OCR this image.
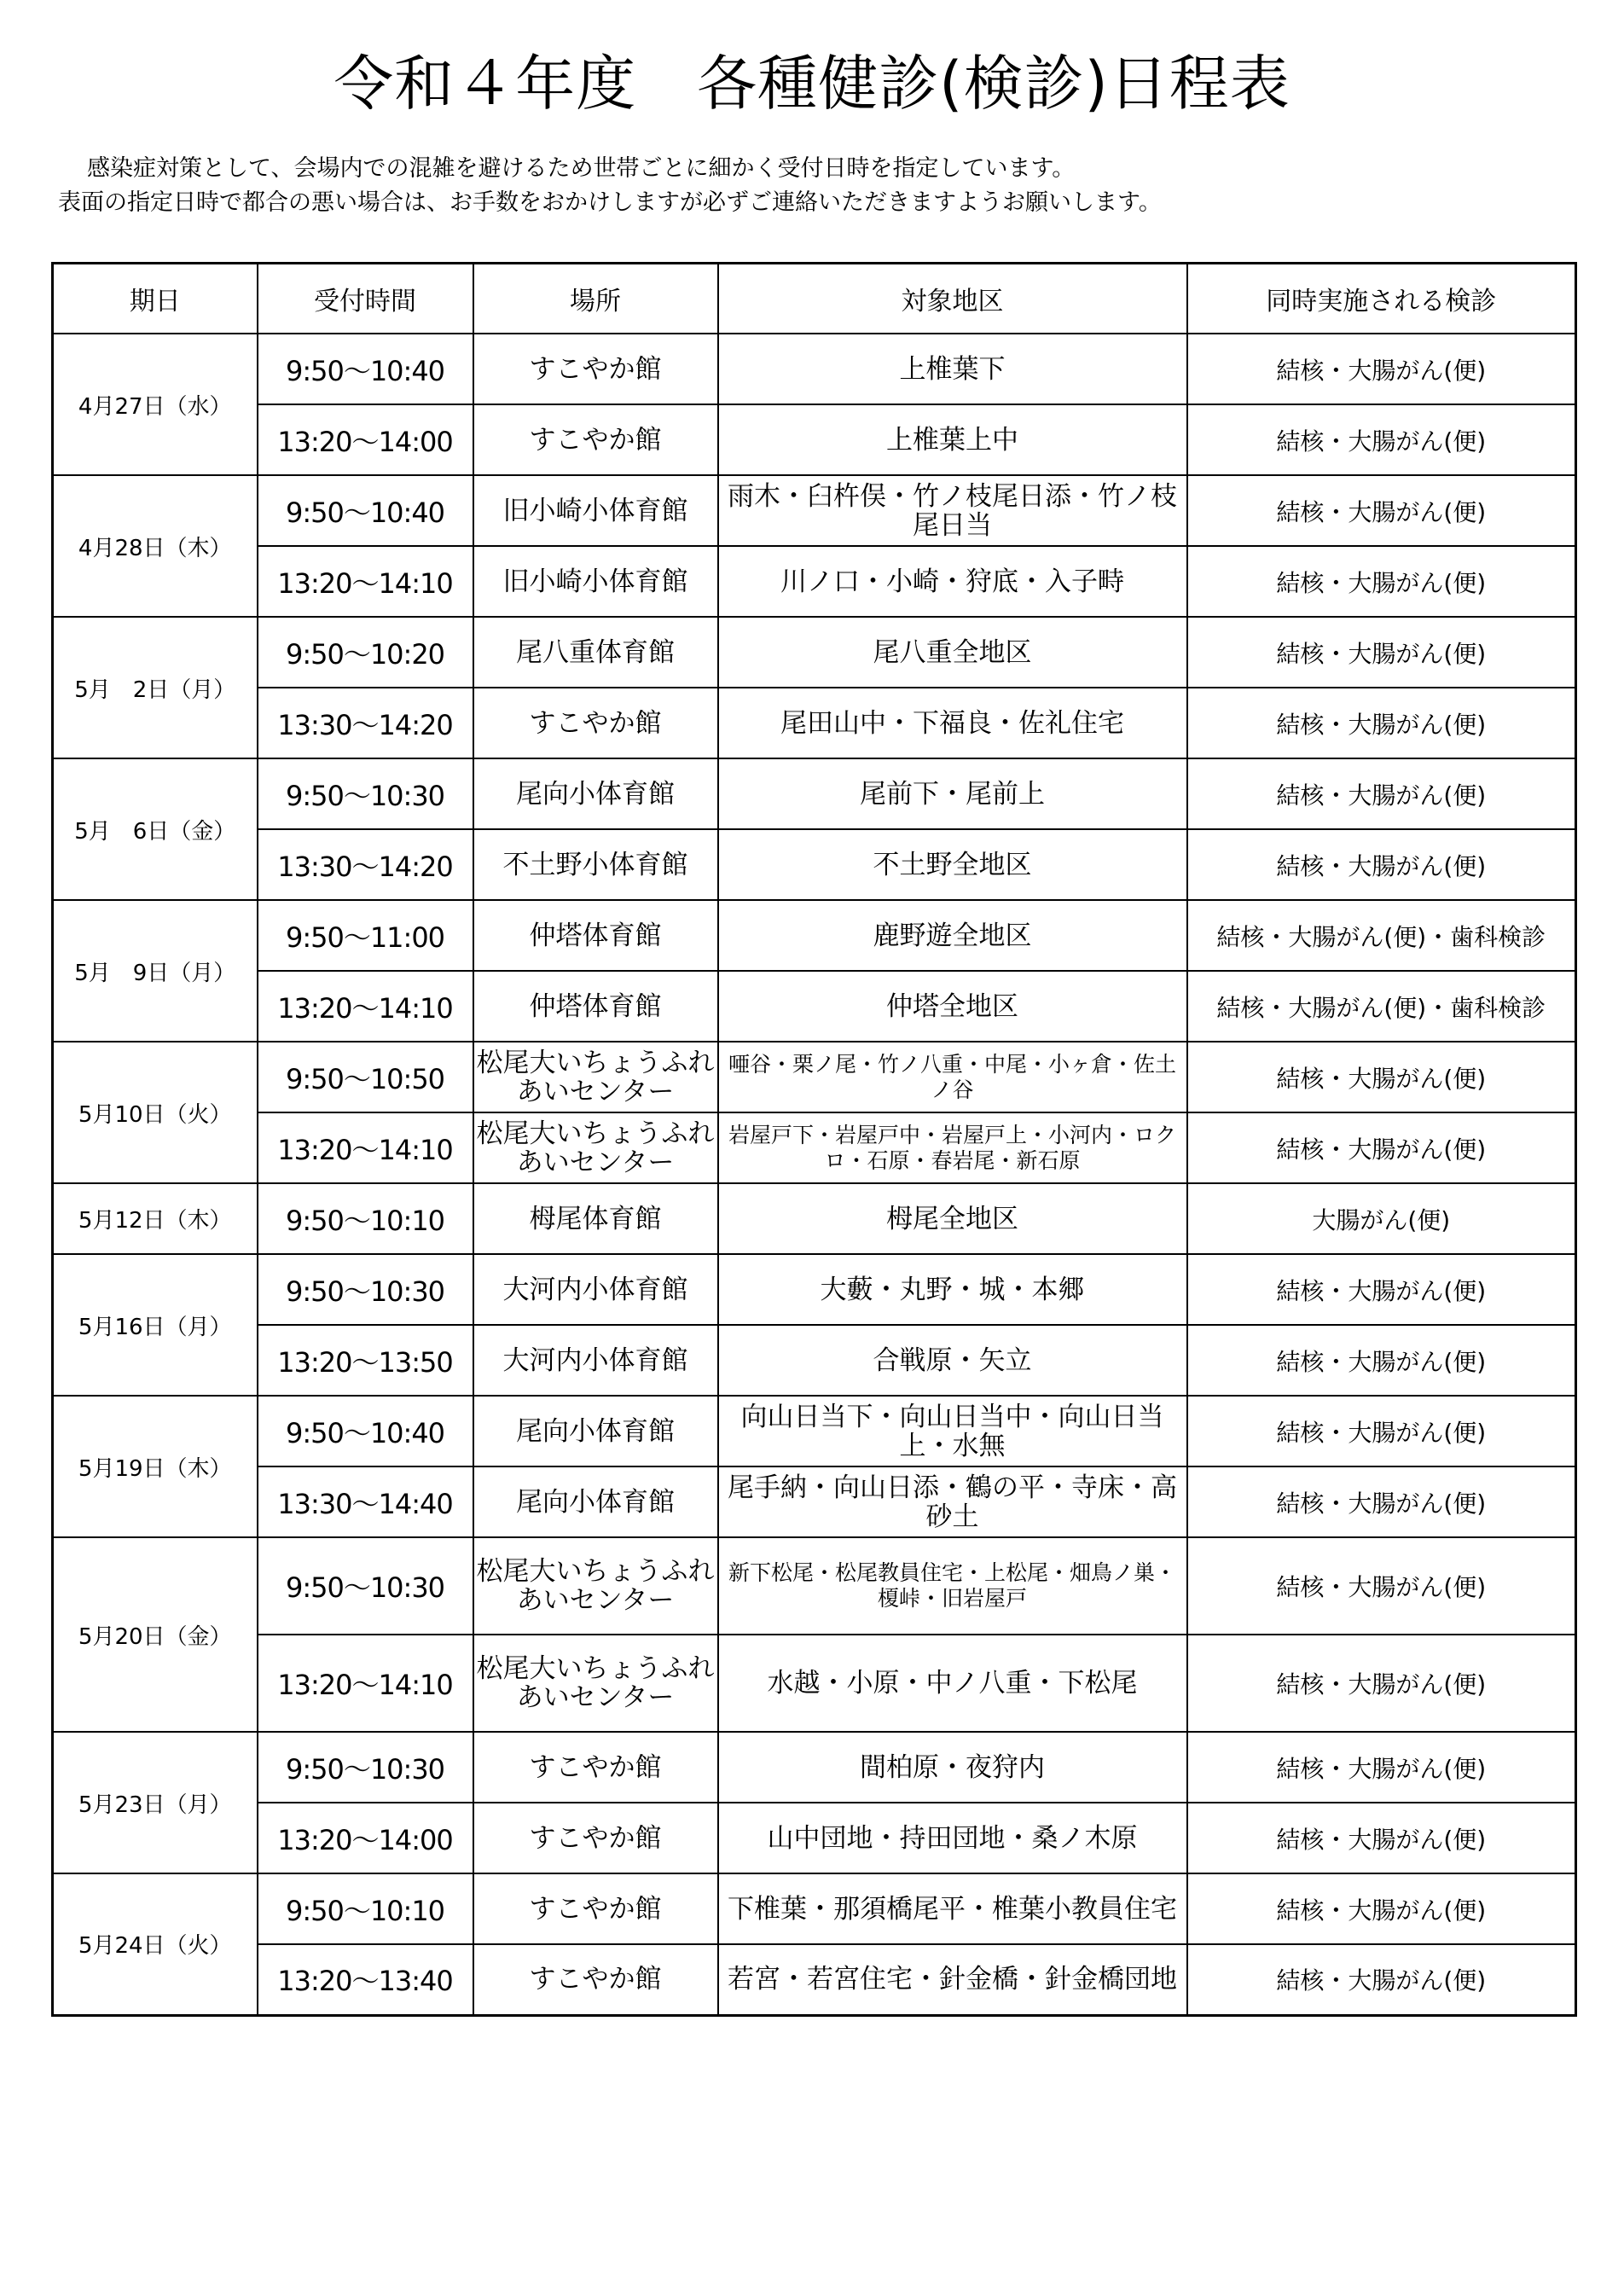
令和４年度　各種健診(検診)日程表
感染症対策として、会場内での混雑を避けるため世帯ごとに細かく受付日時を指定しています。
表面の指定日時で都合の悪い場合は、お手数をおかけしますが必ずご連絡いただきますようお願いします。
期日	受付時間	場所	対象地区	同時実施される検診
4月27日（水）	9:50〜10:40	すこやか館	上椎葉下	結核・大腸がん(便)
	13:20〜14:00	すこやか館	上椎葉上中	結核・大腸がん(便)
4月28日（木）	9:50〜10:40	旧小崎小体育館	雨木・臼杵俣・竹ノ枝尾日添・竹ノ枝尾日当	結核・大腸がん(便)
	13:20〜14:10	旧小崎小体育館	川ノ口・小崎・狩底・入子畤	結核・大腸がん(便)
5月　2日（月）	9:50〜10:20	尾八重体育館	尾八重全地区	結核・大腸がん(便)
	13:30〜14:20	すこやか館	尾田山中・下福良・佐礼住宅	結核・大腸がん(便)
5月　6日（金）	9:50〜10:30	尾向小体育館	尾前下・尾前上	結核・大腸がん(便)
	13:30〜14:20	不土野小体育館	不土野全地区	結核・大腸がん(便)
5月　9日（月）	9:50〜11:00	仲塔体育館	鹿野遊全地区	結核・大腸がん(便)・歯科検診
	13:20〜14:10	仲塔体育館	仲塔全地区	結核・大腸がん(便)・歯科検診
5月10日（火）	9:50〜10:50	松尾大いちょうふれあいセンター	唖谷・栗ノ尾・竹ノ八重・中尾・小ヶ倉・佐土ノ谷	結核・大腸がん(便)
	13:20〜14:10	松尾大いちょうふれあいセンター	岩屋戸下・岩屋戸中・岩屋戸上・小河内・ロクロ・石原・春岩尾・新石原	結核・大腸がん(便)
5月12日（木）	9:50〜10:10	栂尾体育館	栂尾全地区	大腸がん(便)
5月16日（月）	9:50〜10:30	大河内小体育館	大藪・丸野・城・本郷	結核・大腸がん(便)
	13:20〜13:50	大河内小体育館	合戦原・矢立	結核・大腸がん(便)
5月19日（木）	9:50〜10:40	尾向小体育館	向山日当下・向山日当中・向山日当上・水無	結核・大腸がん(便)
	13:30〜14:40	尾向小体育館	尾手納・向山日添・鶴の平・寺床・高砂土	結核・大腸がん(便)
5月20日（金）	9:50〜10:30	松尾大いちょうふれあいセンター	新下松尾・松尾教員住宅・上松尾・畑鳥ノ巣・榎峠・旧岩屋戸	結核・大腸がん(便)
	13:20〜14:10	松尾大いちょうふれあいセンター	水越・小原・中ノ八重・下松尾	結核・大腸がん(便)
5月23日（月）	9:50〜10:30	すこやか館	間柏原・夜狩内	結核・大腸がん(便)
	13:20〜14:00	すこやか館	山中団地・持田団地・桑ノ木原	結核・大腸がん(便)
5月24日（火）	9:50〜10:10	すこやか館	下椎葉・那須橋尾平・椎葉小教員住宅	結核・大腸がん(便)
	13:20〜13:40	すこやか館	若宮・若宮住宅・針金橋・針金橋団地	結核・大腸がん(便)
